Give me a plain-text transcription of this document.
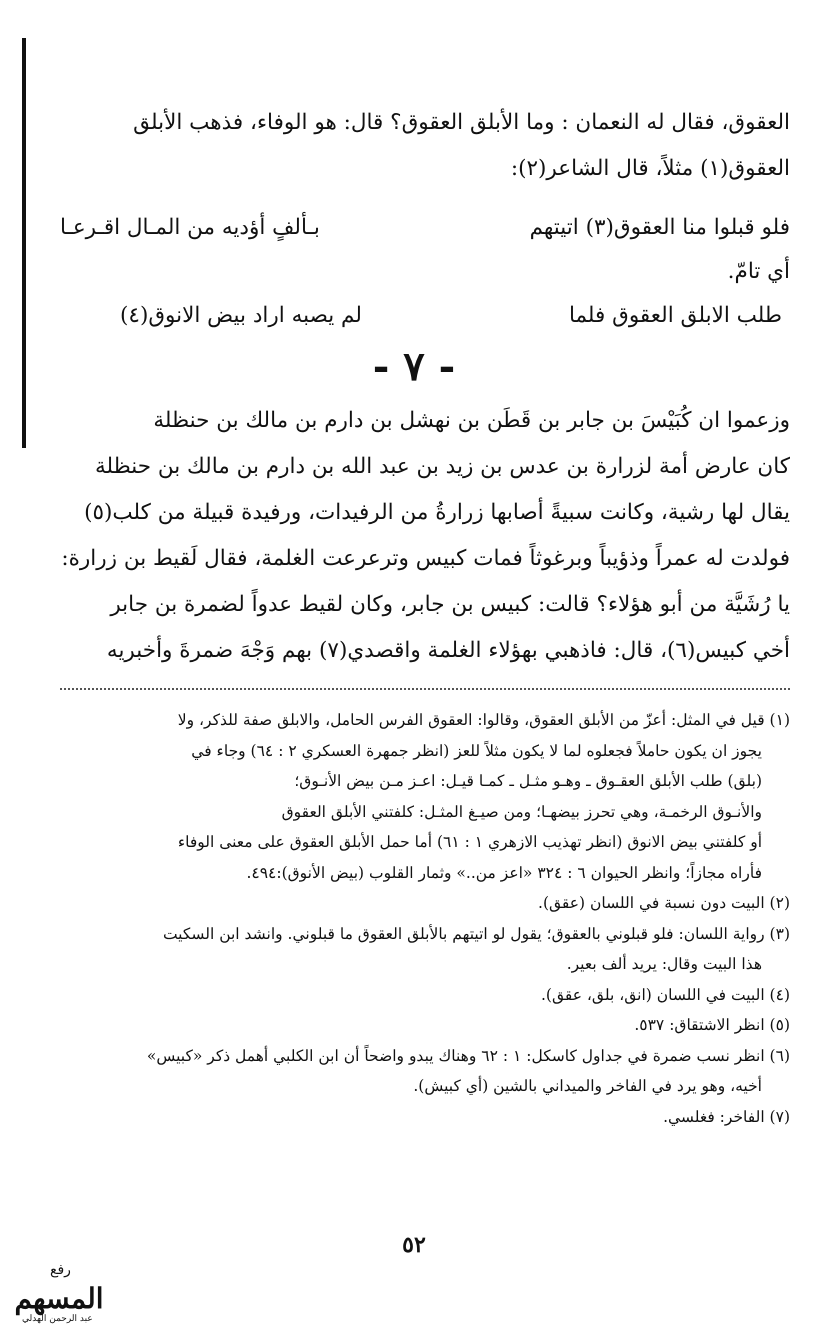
العقوق، فقال له النعمان : وما الأبلق العقوق؟ قال: هو الوفاء، فذهب الأبلق

العقوق(١) مثلاً، قال الشاعر(٢):

فلو قبلوا منا العقوق(٣) اتيتهم
بـألفٍ أؤديه من المـال اقـرعـا
أي تامّ.
طلب الابلق العقوق فلما
لم يصبه اراد بيض الانوق(٤)
- ٧ -

وزعموا ان كُبَيْسَ بن جابر بن قَطَن بن نهشل بن دارم بن مالك بن حنظلة

كان عارض أمة لزرارة بن عدس بن زيد بن عبد الله بن دارم بن مالك بن حنظلة

يقال لها رشية، وكانت سبيةً أصابها زرارةُ من الرفيدات، ورفيدة قبيلة من كلب(٥)

فولدت له عمراً وذؤيباً وبرغوثاً فمات كبيس وترعرعت الغلمة، فقال لَقيط بن زرارة:

يا رُشَيَّة من أبو هؤلاء؟ قالت: كبيس بن جابر، وكان لقيط عدواً لضمرة بن جابر

أخي كبيس(٦)، قال: فاذهبي بهؤلاء الغلمة واقصدي(٧) بهم وَجْهَ ضمرةَ وأخبريه

(١) قيل في المثل: أعزّ من الأبلق العقوق، وقالوا: العقوق الفرس الحامل، والابلق صفة للذكر، ولا
يجوز ان يكون حاملاً فجعلوه لما لا يكون مثلاً للعز (انظر جمهرة العسكري ٢ : ٦٤) وجاء في
(بلق) طلب الأبلق العقـوق ـ وهـو مثـل ـ كمـا قيـل: اعـز مـن بيض الأنـوق؛
والأنـوق الرخمـة، وهي تحرز بيضهـا؛ ومن صيـغ المثـل: كلفتني الأبلق العقوق
أو كلفتني بيض الانوق (انظر تهذيب الازهري ١ : ٦١) أما حمل الأبلق العقوق على معنى الوفاء
فأراه مجازاً؛ وانظر الحيوان ٦ : ٣٢٤ «اعز من..» وثمار القلوب (بيض الأنوق):٤٩٤.

(٢) البيت دون نسبة في اللسان (عقق).

(٣) رواية اللسان: فلو قبلوني بالعقوق؛ يقول لو اتيتهم بالأبلق العقوق ما قبلوني. وانشد ابن السكيت
هذا البيت وقال: يريد ألف بعير.

(٤) البيت في اللسان (انق، بلق، عقق).

(٥) انظر الاشتقاق: ٥٣٧.

(٦) انظر نسب ضمرة في جداول كاسكل: ١ : ٦٢ وهناك يبدو واضحاً أن ابن الكلبي أهمل ذكر «كبيس»
أخيه، وهو يرد في الفاخر والميداني بالشين (أي كبيش).

(٧) الفاخر: فغلسي.

٥٢
رفع
المسهم
عبد الرحمن الهدلي
